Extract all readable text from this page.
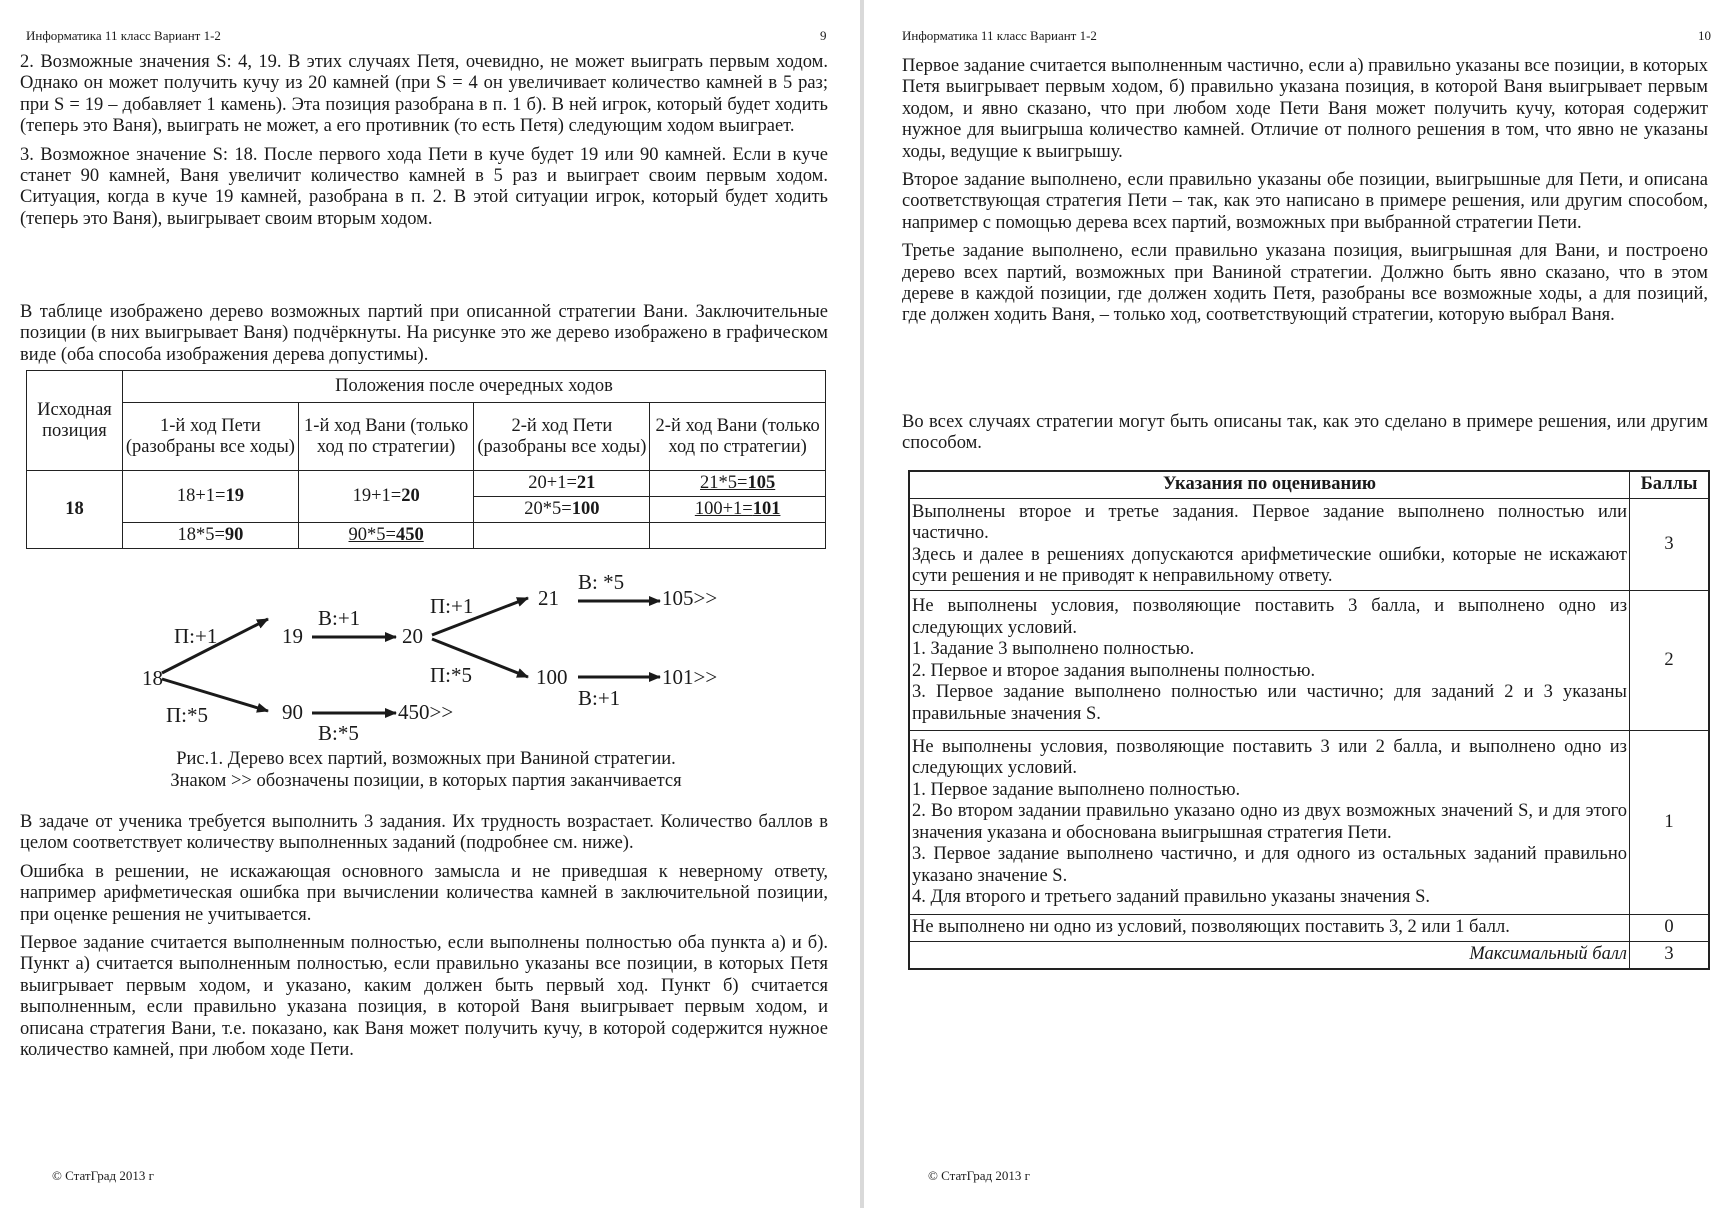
Информатика 11 класс Вариант 1-2	9

2. Возможные значения S: 4, 19. В этих случаях Петя, очевидно, не может выиграть первым ходом. Однако он может получить кучу из 20 камней (при S = 4 он увеличивает количество камней в 5 раз; при S = 19 – добавляет 1 камень). Эта позиция разобрана в п. 1 б). В ней игрок, который будет ходить (теперь это Ваня), выиграть не может, а его противник (то есть Петя) следующим ходом выиграет.

3. Возможное значение S: 18. После первого хода Пети в куче будет 19 или 90 камней. Если в куче станет 90 камней, Ваня увеличит количество камней в 5 раз и выиграет своим первым ходом. Ситуация, когда в куче 19 камней, разобрана в п. 2. В этой ситуации игрок, который будет ходить (теперь это Ваня), выигрывает своим вторым ходом.

В таблице изображено дерево возможных партий при описанной стратегии Вани. Заключительные позиции (в них выигрывает Ваня) подчёркнуты. На рисунке это же дерево изображено в графическом виде (оба способа изображения дерева допустимы).
Исходная позиция	Положения после очередных ходов			
	1-й ход Пети (разобраны все ходы)	1-й ход Вани (только ход по стратегии)	2-й ход Пети (разобраны все ходы)	2-й ход Вани (только ход по стратегии)
18	18+1=19	19+1=20	20+1=21	21*5=105
			20*5=100	100+1=101
	18*5=90	90*5=450		
18
19	20
21
100
90
105>>
101>>
450>>
П:+1
П:*5
В:+1
В:*5
П:+1
П:*5
В: *5
В:+1
Рис.1. Дерево всех партий, возможных при Ваниной стратегии.
Знаком >> обозначены позиции, в которых партия заканчивается

В задаче от ученика требуется выполнить 3 задания. Их трудность возрастает. Количество баллов в целом соответствует количеству выполненных заданий (подробнее см. ниже).

Ошибка в решении, не искажающая основного замысла и не приведшая к неверному ответу, например арифметическая ошибка при вычислении количества камней в заключительной позиции, при оценке решения не учитывается.

Первое задание считается выполненным полностью, если выполнены полностью оба пункта а) и б). Пункт а) считается выполненным полностью, если правильно указаны все позиции, в которых Петя выигрывает первым ходом, и указано, каким должен быть первый ход. Пункт б) считается выполненным, если правильно указана позиция, в которой Ваня выигрывает первым ходом, и описана стратегия Вани, т.е. показано, как Ваня может получить кучу, в которой содержится нужное количество камней, при любом ходе Пети.

© СтатГрад 2013 г
Информатика 11 класс Вариант 1-2	10

Первое задание считается выполненным частично, если а) правильно указаны все позиции, в которых Петя выигрывает первым ходом, б) правильно указана позиция, в которой Ваня выигрывает первым ходом, и явно сказано, что при любом ходе Пети Ваня может получить кучу, которая содержит нужное для выигрыша количество камней. Отличие от полного решения в том, что явно не указаны ходы, ведущие к выигрышу.

Второе задание выполнено, если правильно указаны обе позиции, выигрышные для Пети, и описана соответствующая стратегия Пети – так, как это написано в примере решения, или другим способом, например с помощью дерева всех партий, возможных при выбранной стратегии Пети.

Третье задание выполнено, если правильно указана позиция, выигрышная для Вани, и построено дерево всех партий, возможных при Ваниной стратегии. Должно быть явно сказано, что в этом дереве в каждой позиции, где должен ходить Петя, разобраны все возможные ходы, а для позиций, где должен ходить Ваня, – только ход, соответствующий стратегии, которую выбрал Ваня.

Во всех случаях стратегии могут быть описаны так, как это сделано в примере решения, или другим способом.
Указания по оцениванию	Баллы

Выполнены второе и третье задания. Первое задание выполнено полностью или частично.
Здесь и далее в решениях допускаются арифметические ошибки, которые не искажают сути решения и не приводят к неправильному ответу.	3

Не выполнены условия, позволяющие поставить 3 балла, и выполнено одно из следующих условий.
1. Задание 3 выполнено полностью.
2. Первое и второе задания выполнены полностью.
3. Первое задание выполнено полностью или частично; для заданий 2 и 3 указаны правильные значения S.	2

Не выполнены условия, позволяющие поставить 3 или 2 балла, и выполнено одно из следующих условий.
1. Первое задание выполнено полностью.
2. Во втором задании правильно указано одно из двух возможных значений S, и для этого значения указана и обоснована выигрышная стратегия Пети.
3. Первое задание выполнено частично, и для одного из остальных заданий правильно указано значение S.
4. Для второго и третьего заданий правильно указаны значения S.	1
Не выполнено ни одно из условий, позволяющих поставить 3, 2 или 1 балл.	0
Максимальный балл	3
© СтатГрад 2013 г
